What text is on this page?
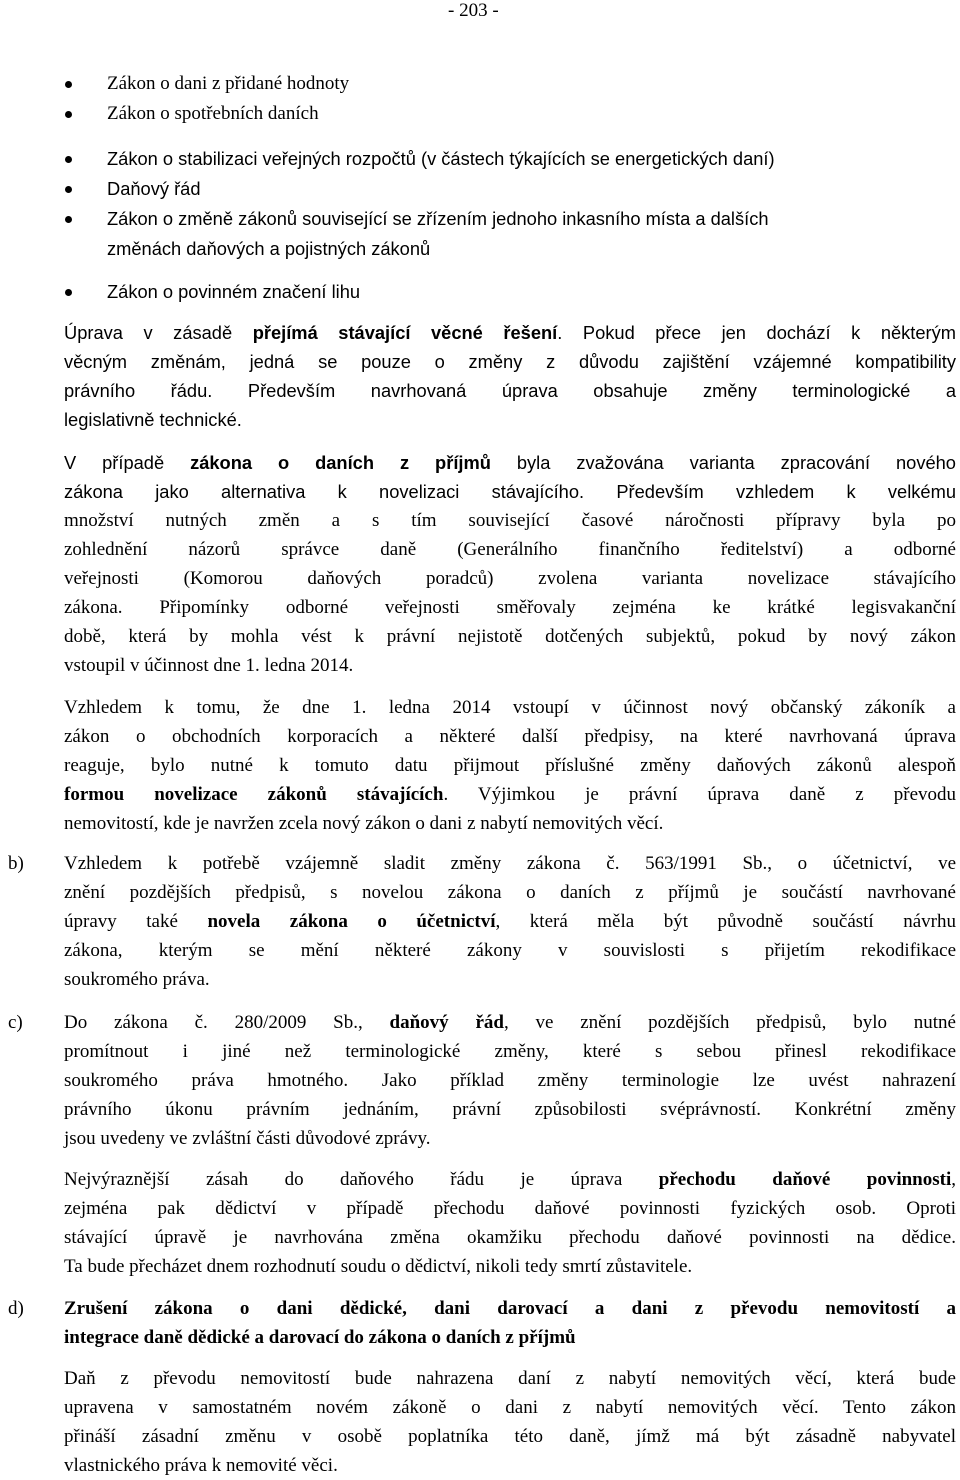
- 203 -
Zákon o dani z přidané hodnoty
Zákon o spotřebních daních
Zákon o stabilizaci veřejných rozpočtů (v částech týkajících se energetických daní)
Daňový řád
Zákon o změně zákonů související se zřízením jednoho inkasního místa a dalších
změnách daňových a pojistných zákonů
Zákon o povinném značení lihu
Úprava v zásadě přejímá stávající věcné řešení. Pokud přece jen dochází k některým
věcným změnám, jedná se pouze o změny z důvodu zajištění vzájemné kompatibility
právního řádu. Především navrhovaná úprava obsahuje změny terminologické a
legislativně technické.
V případě zákona o daních z příjmů byla zvažována varianta zpracování nového
zákona jako alternativa k novelizaci stávajícího. Především vzhledem k velkému
množství nutných změn a s tím související časové náročnosti přípravy byla po
zohlednění názorů správce daně (Generálního finančního ředitelství) a odborné
veřejnosti (Komorou daňových poradců) zvolena varianta novelizace stávajícího
zákona. Připomínky odborné veřejnosti směřovaly zejména ke krátké legisvakanční
době, která by mohla vést k právní nejistotě dotčených subjektů, pokud by nový zákon
vstoupil v účinnost dne 1. ledna 2014.
Vzhledem k tomu, že dne 1. ledna 2014 vstoupí v účinnost nový občanský zákoník a
zákon o obchodních korporacích a některé další předpisy, na které navrhovaná úprava
reaguje, bylo nutné k tomuto datu přijmout příslušné změny daňových zákonů alespoň
formou novelizace zákonů stávajících. Výjimkou je právní úprava daně z převodu
nemovitostí, kde je navržen zcela nový zákon o dani z nabytí nemovitých věcí.
b) Vzhledem k potřebě vzájemně sladit změny zákona č. 563/1991 Sb., o účetnictví, ve
znění pozdějších předpisů, s novelou zákona o daních z příjmů je součástí navrhované
úpravy také novela zákona o účetnictví, která měla být původně součástí návrhu
zákona, kterým se mění některé zákony v souvislosti s přijetím rekodifikace
soukromého práva.
c) Do zákona č. 280/2009 Sb., daňový řád, ve znění pozdějších předpisů, bylo nutné
promítnout i jiné než terminologické změny, které s sebou přinesl rekodifikace
soukromého práva hmotného. Jako příklad změny terminologie lze uvést nahrazení
právního úkonu právním jednáním, právní způsobilosti svéprávností. Konkrétní změny
jsou uvedeny ve zvláštní části důvodové zprávy.
Nejvýraznější zásah do daňového řádu je úprava přechodu daňové povinnosti,
zejména pak dědictví v případě přechodu daňové povinnosti fyzických osob. Oproti
stávající úpravě je navrhována změna okamžiku přechodu daňové povinnosti na dědice.
Ta bude přecházet dnem rozhodnutí soudu o dědictví, nikoli tedy smrtí zůstavitele.
d) Zrušení zákona o dani dědické, dani darovací a dani z převodu nemovitostí a
integrace daně dědické a darovací do zákona o daních z příjmů
Daň z převodu nemovitostí bude nahrazena daní z nabytí nemovitých věcí, která bude
upravena v samostatném novém zákoně o dani z nabytí nemovitých věcí. Tento zákon
přináší zásadní změnu v osobě poplatníka této daně, jímž má být zásadně nabyvatel
vlastnického práva k nemovité věci.
